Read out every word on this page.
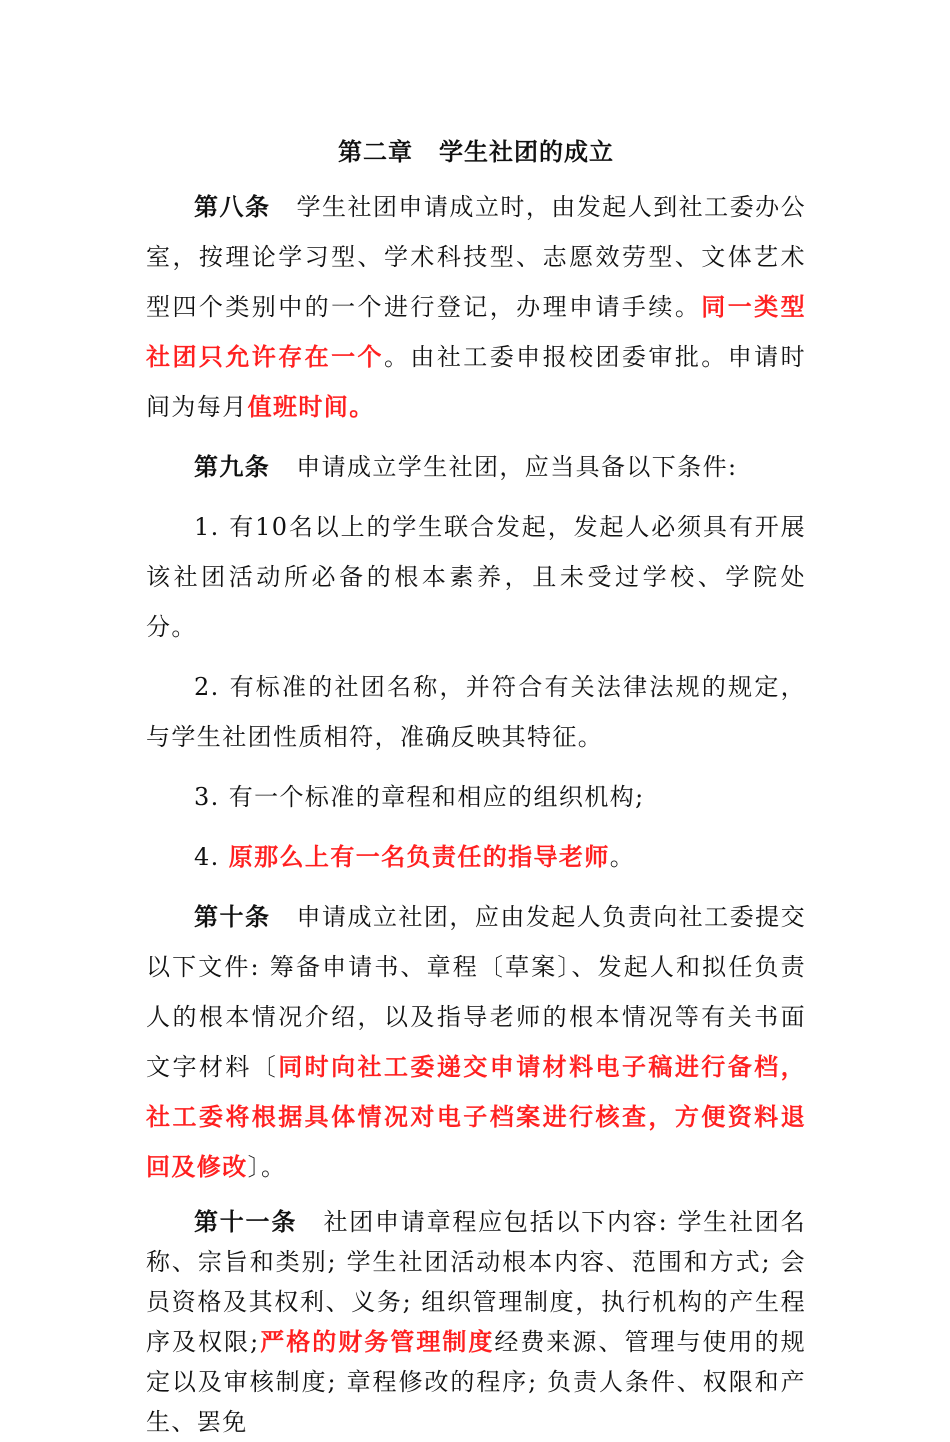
第二章 学生社团的成立

第八条 学生社团申请成立时，由发起人到社工委办公室，按理论学习型、学术科技型、志愿效劳型、文体艺术型四个类别中的一个进行登记，办理申请手续。同一类型社团只允许存在一个。由社工委申报校团委审批。申请时间为每月值班时间。

第九条 申请成立学生社团，应当具备以下条件:

1. 有10名以上的学生联合发起，发起人必须具有开展该社团活动所必备的根本素养，且未受过学校、学院处分。

2. 有标准的社团名称，并符合有关法律法规的规定，与学生社团性质相符，准确反映其特征。

3. 有一个标准的章程和相应的组织机构;

4. 原那么上有一名负责任的指导老师。

第十条 申请成立社团，应由发起人负责向社工委提交以下文件: 筹备申请书、章程〔草案〕、发起人和拟任负责人的根本情况介绍，以及指导老师的根本情况等有关书面文字材料〔同时向社工委递交申请材料电子稿进行备档，社工委将根据具体情况对电子档案进行核查，方便资料退回及修改〕。

第十一条 社团申请章程应包括以下内容: 学生社团名称、宗旨和类别; 学生社团活动根本内容、范围和方式; 会员资格及其权利、义务; 组织管理制度，执行机构的产生程序及权限;严格的财务管理制度经费来源、管理与使用的规定以及审核制度; 章程修改的程序; 负责人条件、权限和产生、罢免
